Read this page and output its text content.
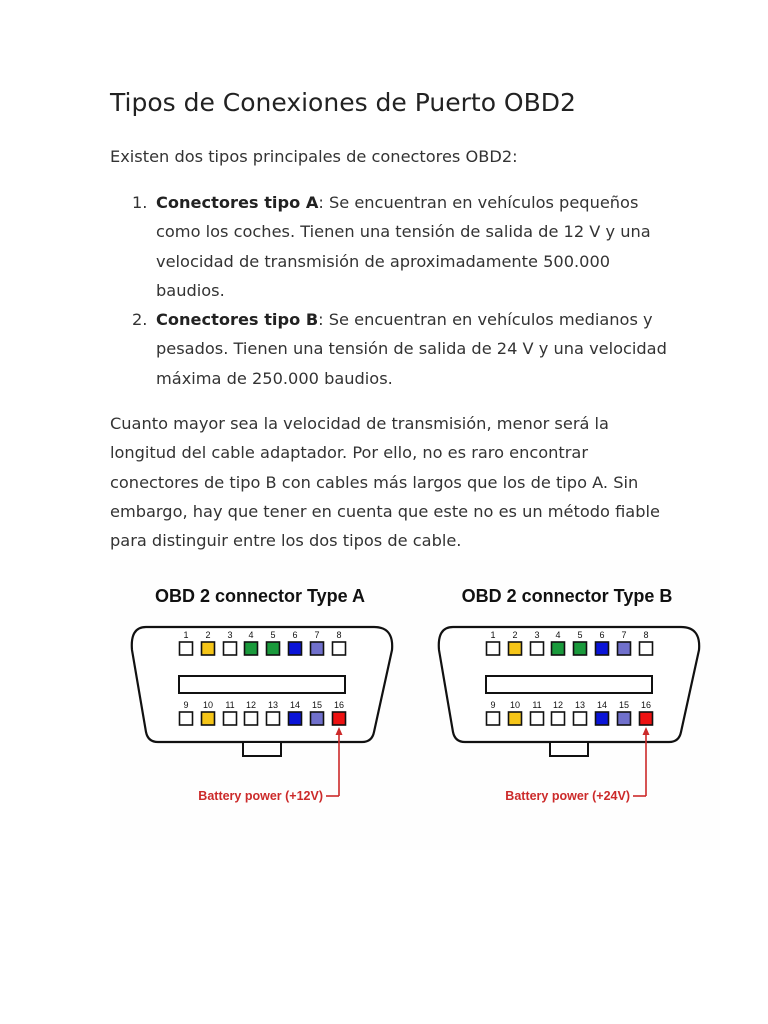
Tipos de Conexiones de Puerto OBD2

Existen dos tipos principales de conectores OBD2:

1. Conectores tipo A: Se encuentran en vehículos pequeños como los coches. Tienen una tensión de salida de 12 V y una velocidad de transmisión de aproximadamente 500.000 baudios.
2. Conectores tipo B: Se encuentran en vehículos medianos y pesados. Tienen una tensión de salida de 24 V y una velocidad máxima de 250.000 baudios.

Cuanto mayor sea la velocidad de transmisión, menor será la longitud del cable adaptador. Por ello, no es raro encontrar conectores de tipo B con cables más largos que los de tipo A. Sin embargo, hay que tener en cuenta que este no es un método fiable para distinguir entre los dos tipos de cable.

OBD 2 connector Type A
1 2 3 4 5 6 7 8
9 10 11 12 13 14 15 16
Battery power (+12V)
OBD 2 connector Type B
1 2 3 4 5 6 7 8
9 10 11 12 13 14 15 16
Battery power (+24V)
